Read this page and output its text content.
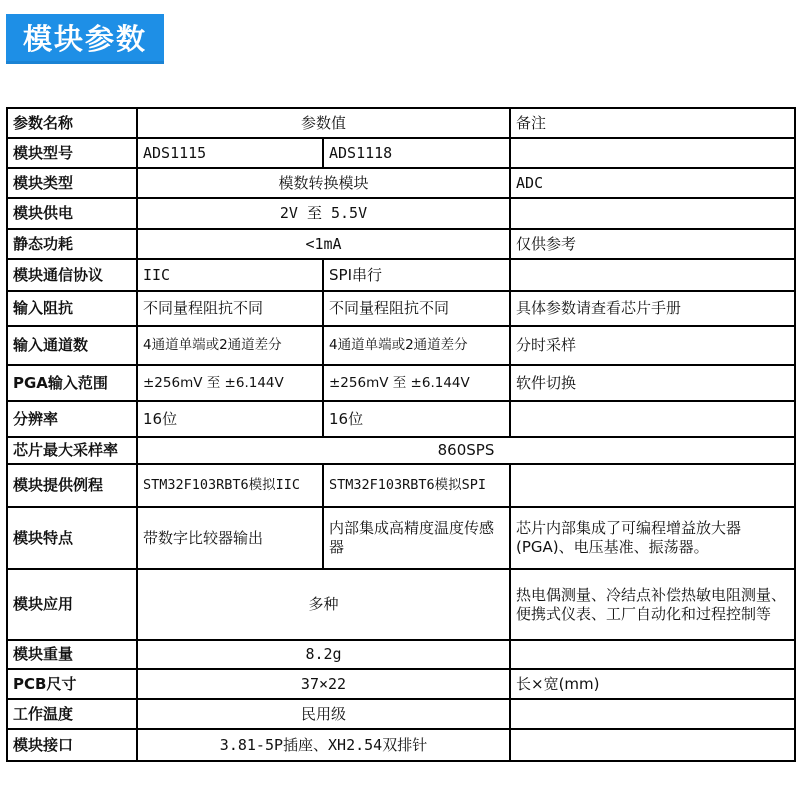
模块参数
参数名称	参数值		备注
模块型号	ADS1115	ADS1118	
模块类型	模数转换模块		ADC
模块供电	2V 至 5.5V		
静态功耗	<1mA		仅供参考
模块通信协议	IIC	SPI串行	
输入阻抗	不同量程阻抗不同	不同量程阻抗不同	具体参数请查看芯片手册
输入通道数	4通道单端或2通道差分	4通道单端或2通道差分	分时采样
PGA输入范围	±256mV 至 ±6.144V	±256mV 至 ±6.144V	软件切换
分辨率	16位	16位	
芯片最大采样率	860SPS		
模块提供例程	STM32F103RBT6模拟IIC	STM32F103RBT6模拟SPI	
模块特点	带数字比较器输出	内部集成高精度温度传感器	芯片内部集成了可编程增益放大器(PGA)、电压基准、振荡器。
模块应用	多种		热电偶测量、冷结点补偿热敏电阻测量、便携式仪表、工厂自动化和过程控制等
模块重量	8.2g		
PCB尺寸	37×22		长×宽(mm)
工作温度	民用级		
模块接口	3.81-5P插座、XH2.54双排针		
